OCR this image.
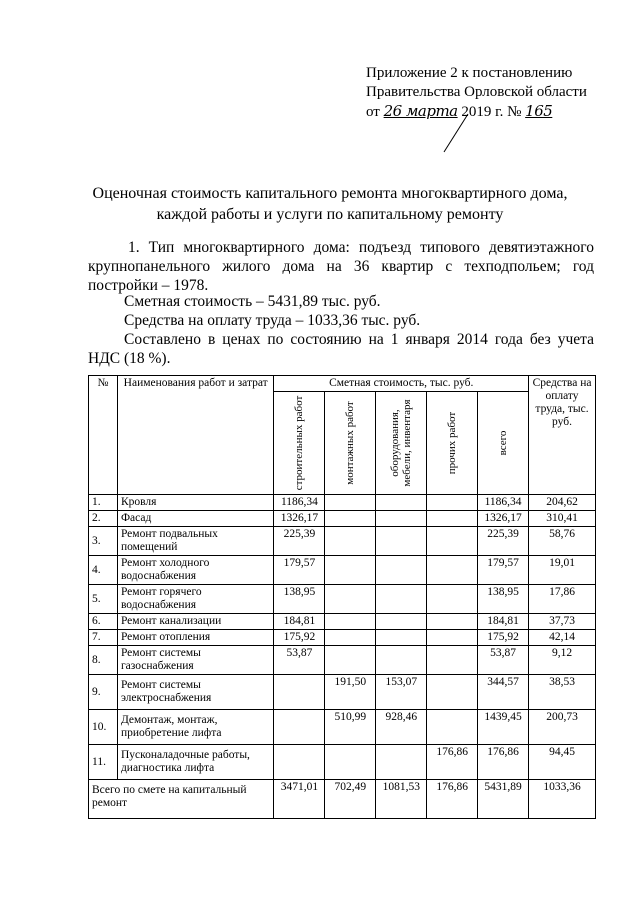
Приложение 2 к постановлению
Правительства Орловской области
от 26 марта 2019 г. № 165
Оценочная стоимость капитального ремонта многоквартирного дома, каждой работы и услуги по капитальному ремонту
1. Тип многоквартирного дома: подъезд типового девятиэтажного крупнопанельного жилого дома на 36 квартир с техподпольем; год постройки – 1978.
Сметная стоимость – 5431,89 тыс. руб.
Средства на оплату труда – 1033,36 тыс. руб.
Составлено в ценах по состоянию на 1 января 2014 года без учета НДС (18 %).
№	Наименования работ и затрат	Сметная стоимость, тыс. руб.					Средства на оплату труда, тыс. руб.

		строительных работ	монтажных работ	оборудования, мебели, инвентаря	прочих работ	всего	

1.	Кровля	1186,34				1186,34	204,62
2.	Фасад	1326,17				1326,17	310,41
3.	Ремонт подвальных помещений	225,39				225,39	58,76
4.	Ремонт холодного водоснабжения	179,57				179,57	19,01
5.	Ремонт горячего водоснабжения	138,95				138,95	17,86
6.	Ремонт канализации	184,81				184,81	37,73
7.	Ремонт отопления	175,92				175,92	42,14
8.	Ремонт системы газоснабжения	53,87				53,87	9,12
9.	Ремонт системы электроснабжения		191,50	153,07		344,57	38,53
10.	Демонтаж, монтаж, приобретение лифта		510,99	928,46		1439,45	200,73
11.	Пусконаладочные работы, диагностика лифта				176,86	176,86	94,45
Всего по смете на капитальный ремонт		3471,01	702,49	1081,53	176,86	5431,89	1033,36
